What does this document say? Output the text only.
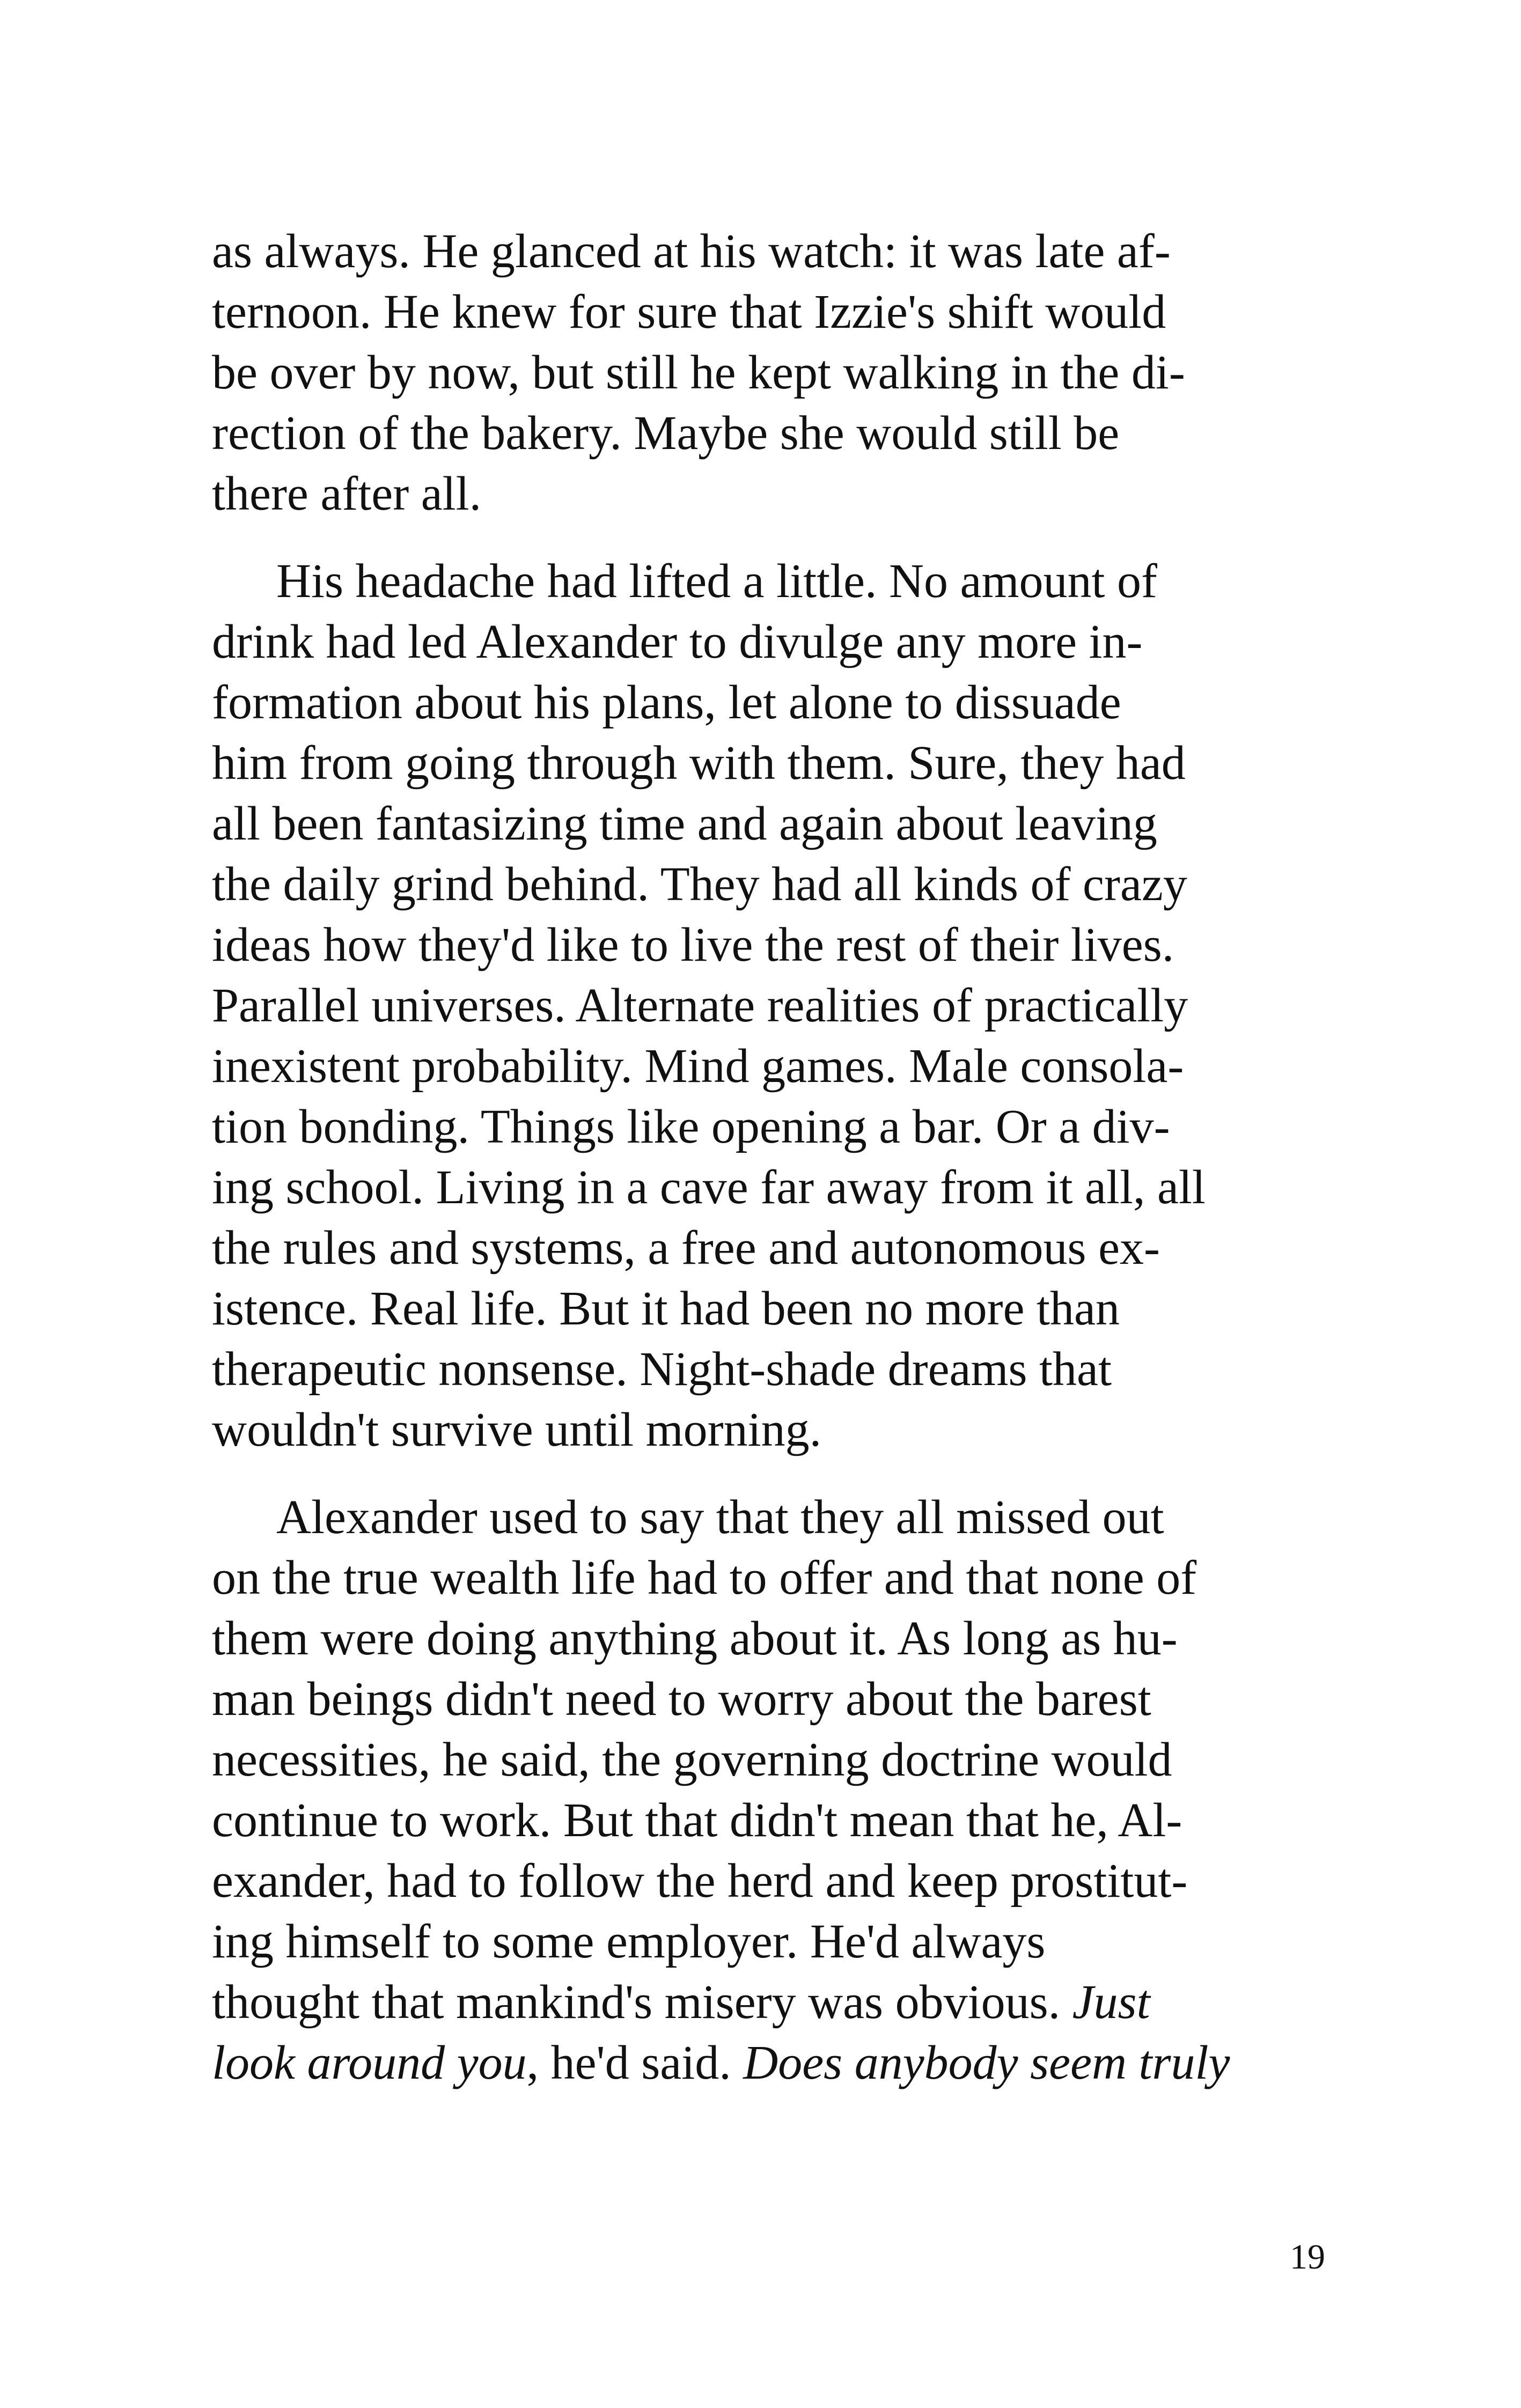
as always. He glanced at his watch: it was late af-
ternoon. He knew for sure that Izzie's shift would
be over by now, but still he kept walking in the di-
rection of the bakery. Maybe she would still be
there after all.
His headache had lifted a little. No amount of
drink had led Alexander to divulge any more in-
formation about his plans, let alone to dissuade
him from going through with them. Sure, they had
all been fantasizing time and again about leaving
the daily grind behind. They had all kinds of crazy
ideas how they'd like to live the rest of their lives.
Parallel universes. Alternate realities of practically
inexistent probability. Mind games. Male consola-
tion bonding. Things like opening a bar. Or a div-
ing school. Living in a cave far away from it all, all
the rules and systems, a free and autonomous ex-
istence. Real life. But it had been no more than
therapeutic nonsense. Night-shade dreams that
wouldn't survive until morning.
Alexander used to say that they all missed out
on the true wealth life had to offer and that none of
them were doing anything about it. As long as hu-
man beings didn't need to worry about the barest
necessities, he said, the governing doctrine would
continue to work. But that didn't mean that he, Al-
exander, had to follow the herd and keep prostitut-
ing himself to some employer. He'd always
thought that mankind's misery was obvious. Just
look around you, he'd said. Does anybody seem truly
19
